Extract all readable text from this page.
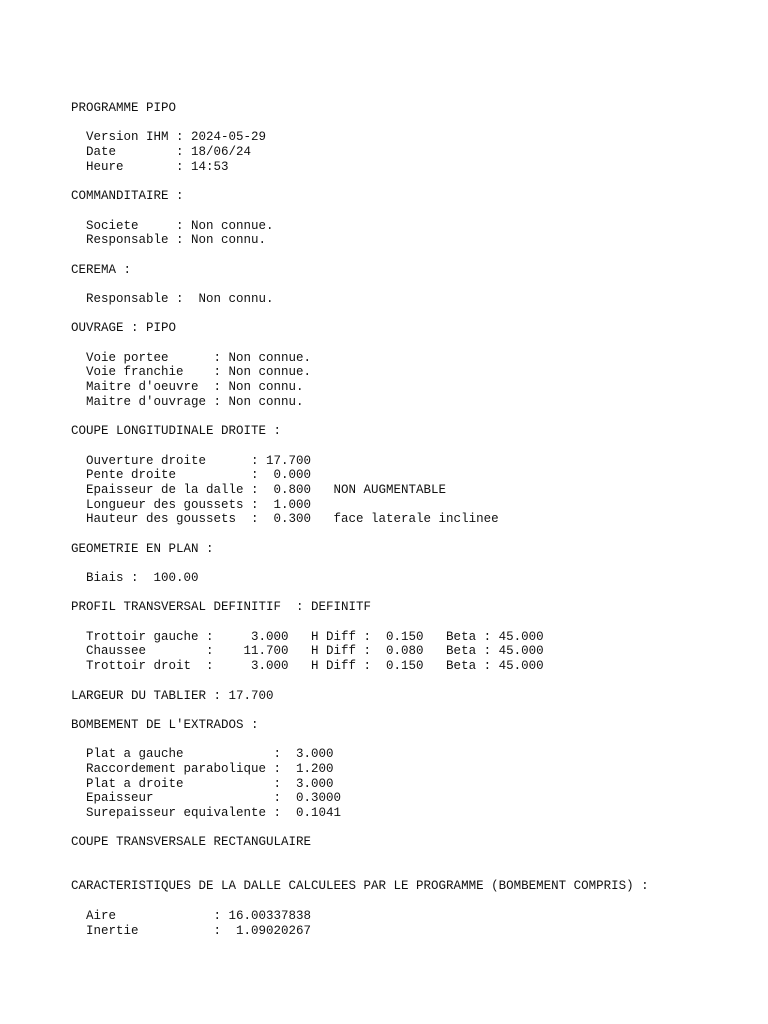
PROGRAMME PIPO
Version IHM : 2024-05-29
Date        : 18/06/24
Heure       : 14:53
COMMANDITAIRE :
Societe     : Non connue.
Responsable : Non connu.
CEREMA :
Responsable :  Non connu.
OUVRAGE : PIPO
Voie portee      : Non connue.
Voie franchie    : Non connue.
Maitre d'oeuvre  : Non connu.
Maitre d'ouvrage : Non connu.
COUPE LONGITUDINALE DROITE :
Ouverture droite      : 17.700
Pente droite          :  0.000
Epaisseur de la dalle :  0.800   NON AUGMENTABLE
Longueur des goussets :  1.000
Hauteur des goussets  :  0.300   face laterale inclinee
GEOMETRIE EN PLAN :
Biais :  100.00
PROFIL TRANSVERSAL DEFINITIF  : DEFINITF
Trottoir gauche :     3.000   H Diff :  0.150   Beta : 45.000
Chaussee        :    11.700   H Diff :  0.080   Beta : 45.000
Trottoir droit  :     3.000   H Diff :  0.150   Beta : 45.000
LARGEUR DU TABLIER : 17.700
BOMBEMENT DE L'EXTRADOS :
Plat a gauche            :  3.000
Raccordement parabolique :  1.200
Plat a droite            :  3.000
Epaisseur                :  0.3000
Surepaisseur equivalente :  0.1041
COUPE TRANSVERSALE RECTANGULAIRE
CARACTERISTIQUES DE LA DALLE CALCULEES PAR LE PROGRAMME (BOMBEMENT COMPRIS) :
Aire             : 16.00337838
Inertie          :  1.09020267
